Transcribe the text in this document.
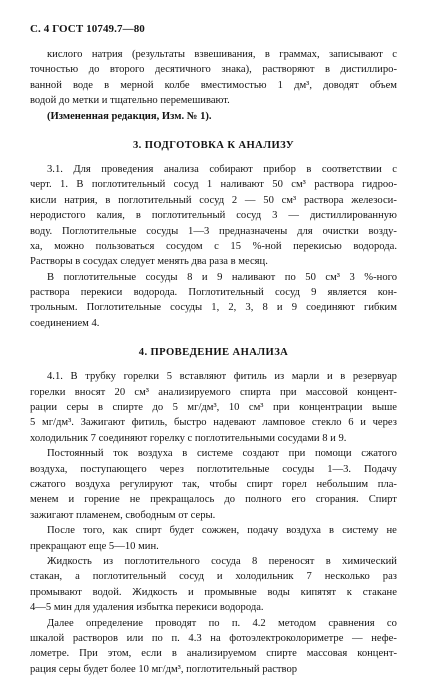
С. 4 ГОСТ 10749.7—80
кислого натрия (результаты взвешивания, в граммах, записывают с
точностью до второго десятичного знака), растворяют в дистиллиро-
ванной воде в мерной колбе вместимостью 1 дм³, доводят объем
водой до метки и тщательно перемешивают.
(Измененная редакция, Изм. № 1).
3. ПОДГОТОВКА К АНАЛИЗУ
3.1. Для проведения анализа собирают прибор в соответствии с
черт. 1. В поглотительный сосуд 1 наливают 50 см³ раствора гидроо-
кисли натрия, в поглотительный сосуд 2 — 50 см³ раствора железоси-
неродистого калия, в поглотительный сосуд 3 — дистиллированную
воду. Поглотительные сосуды 1—3 предназначены для очистки возду-
ха, можно пользоваться сосудом с 15 %-ной перекисью водорода.
Растворы в сосудах следует менять два раза в месяц.
В поглотительные сосуды 8 и 9 наливают по 50 см³ 3 %-ного
раствора перекиси водорода. Поглотительный сосуд 9 является кон-
трольным. Поглотительные сосуды 1, 2, 3, 8 и 9 соединяют гибким
соединением 4.
4. ПРОВЕДЕНИЕ АНАЛИЗА
4.1. В трубку горелки 5 вставляют фитиль из марли и в резервуар
горелки вносят 20 см³ анализируемого спирта при массовой концент-
рации серы в спирте до 5 мг/дм³, 10 см³ при концентрации выше
5 мг/дм³. Зажигают фитиль, быстро надевают ламповое стекло 6 и через
холодильник 7 соединяют горелку с поглотительными сосудами 8 и 9.
Постоянный ток воздуха в системе создают при помощи сжатого
воздуха, поступающего через поглотительные сосуды 1—3. Подачу
сжатого воздуха регулируют так, чтобы спирт горел небольшим пла-
менем и горение не прекращалось до полного его сгорания. Спирт
зажигают пламенем, свободным от серы.
После того, как спирт будет сожжен, подачу воздуха в систему не
прекращают еще 5—10 мин.
Жидкость из поглотительного сосуда 8 переносят в химический
стакан, а поглотительный сосуд и холодильник 7 несколько раз
промывают водой. Жидкость и промывные воды кипятят к стакане
4—5 мин для удаления избытка перекиси водорода.
Далее определение проводят по п. 4.2 методом сравнения со
шкалой растворов или по п. 4.3 на фотоэлектроколориметре — нефе-
лометре. При этом, если в анализируемом спирте массовая концент-
рация серы будет более 10 мг/дм³, поглотительный раствор
